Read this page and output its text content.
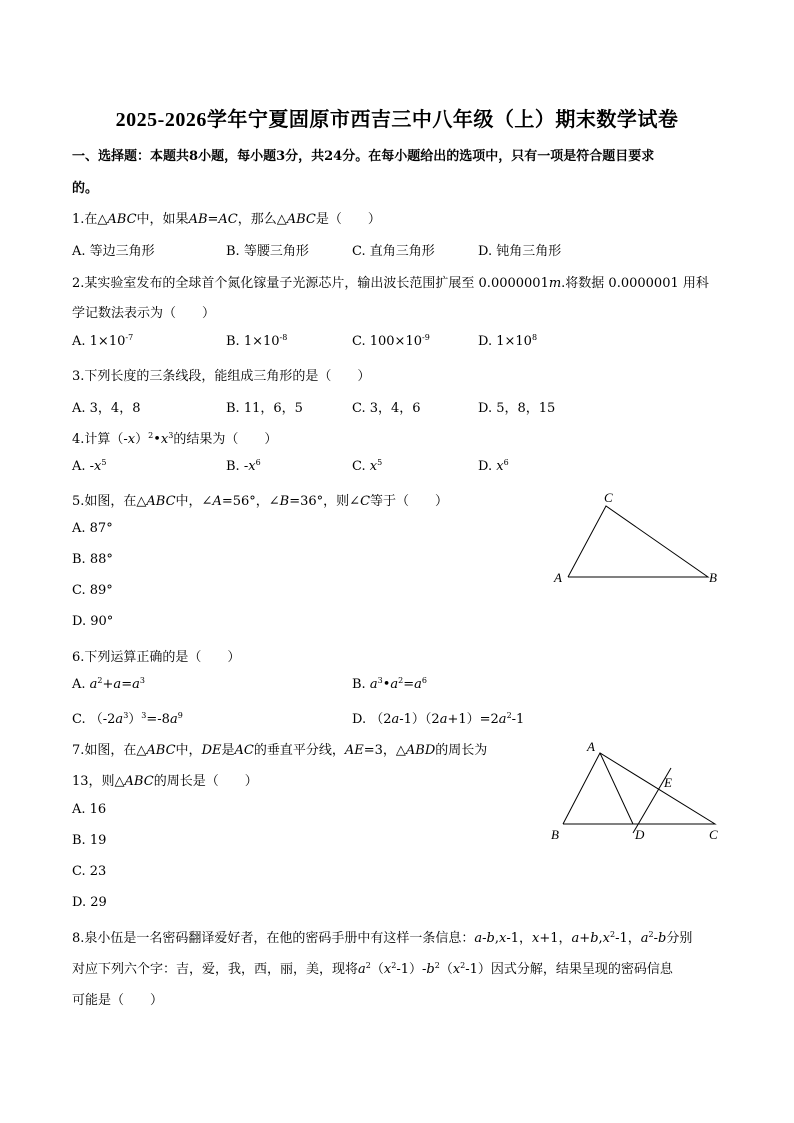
2025-2026学年宁夏固原市西吉三中八年级（上）期末数学试卷
一、选择题：本题共8小题，每小题3分，共24分。在每小题给出的选项中，只有一项是符合题目要求
的。
1.在△ABC中，如果AB=AC，那么△ABC是（　　）
A. 等边三角形	B. 等腰三角形	C. 直角三角形	D. 钝角三角形
2.某实验室发布的全球首个氮化镓量子光源芯片，输出波长范围扩展至 0.0000001m.将数据 0.0000001 用科
学记数法表示为（　　）
A. $1\times 10^{-7}$	B. $1\times 10^{-8}$	C. $100\times 10^{-9}$	D. $1\times 10^8$
3.下列长度的三条线段，能组成三角形的是（　　）
A. 3，4，8	B. 11，6，5	C. 3，4，6	D. 5，8，15
4.计算$(-x)^2•x^3$的结果为（　　）
A. $-x^5$	B. $-x^6$	C. $x^5$	D. $x^6$
5.如图，在△ABC中，∠A=56°，∠B=36°，则∠C等于（　　）
A. 87°
B. 88°
C. 89°
D. 90°
C
A	B
6.下列运算正确的是（　　）
A. $a^2+a=a^3$	B. $a^3•a^2=a^6$
C. $(-2a^3)^3=-8a^9$	D. $(2a-1)(2a+1)=2a^2-1$
7.如图，在△ABC中，DE是AC的垂直平分线，AE=3，△ABD的周长为
13，则△ABC的周长是（　　）
A. 16
B. 19
C. 23
D. 29
A
B	D	C
E
8.泉小伍是一名密码翻译爱好者，在他的密码手册中有这样一条信息：a-b,x-1，x+1，$a+b,x^2-1$，$a^2-b$分别
对应下列六个字：吉，爱，我，西，丽，美，现将$a^2(x^2-1)-b^2(x^2-1)$因式分解，结果呈现的密码信息
可能是（　　）
